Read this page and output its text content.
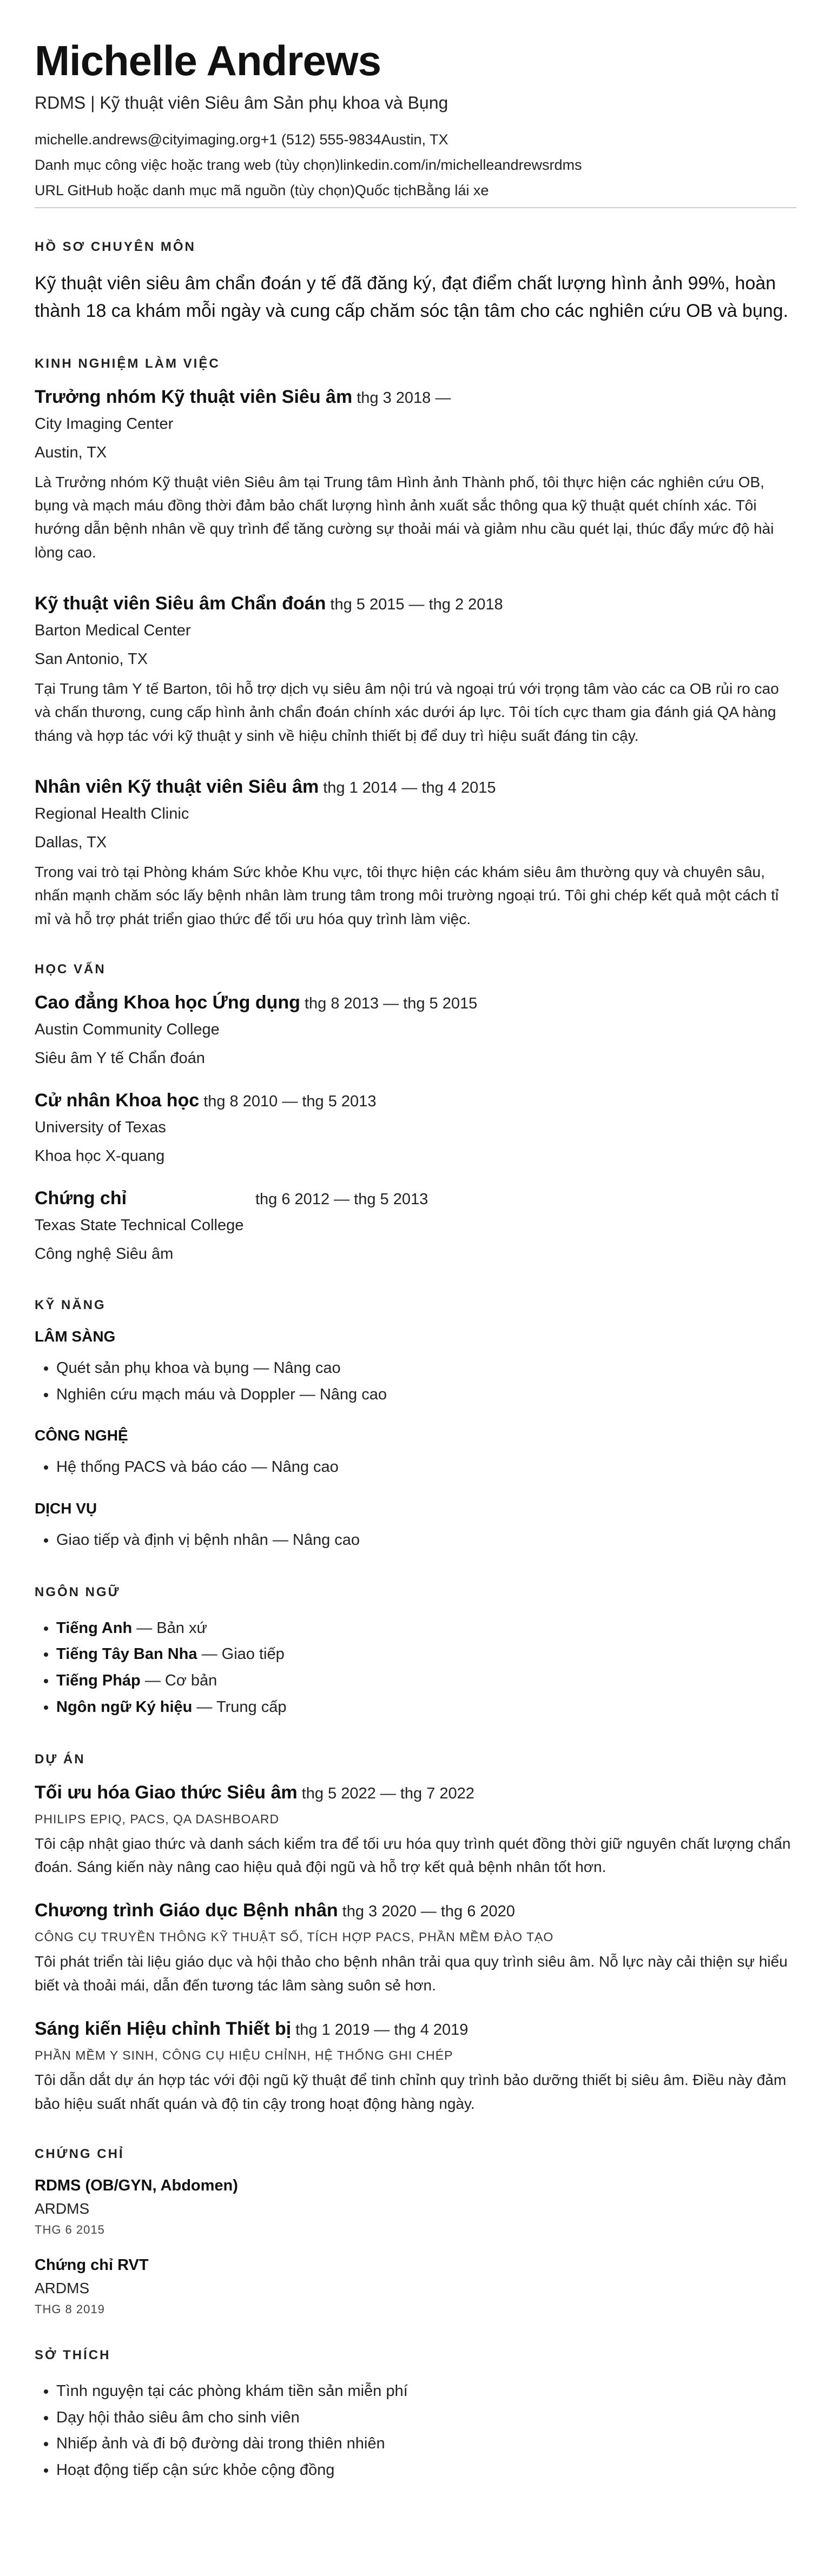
Michelle Andrews
RDMS | Kỹ thuật viên Siêu âm Sản phụ khoa và Bụng
michelle.andrews@cityimaging.org+1 (512) 555-9834Austin, TX
Danh mục công việc hoặc trang web (tùy chọn)linkedin.com/in/michelleandrewsrdms
URL GitHub hoặc danh mục mã nguồn (tùy chọn)Quốc tịchBằng lái xe
HỒ SƠ CHUYÊN MÔN

Kỹ thuật viên siêu âm chẩn đoán y tế đã đăng ký, đạt điểm chất lượng hình ảnh 99%, hoàn thành 18 ca khám mỗi ngày và cung cấp chăm sóc tận tâm cho các nghiên cứu OB và bụng.

KINH NGHIỆM LÀM VIỆC
Trưởng nhóm Kỹ thuật viên Siêu âm thg 3 2018 —
City Imaging Center
Austin, TX

Là Trưởng nhóm Kỹ thuật viên Siêu âm tại Trung tâm Hình ảnh Thành phố, tôi thực hiện các nghiên cứu OB, bụng và mạch máu đồng thời đảm bảo chất lượng hình ảnh xuất sắc thông qua kỹ thuật quét chính xác. Tôi hướng dẫn bệnh nhân về quy trình để tăng cường sự thoải mái và giảm nhu cầu quét lại, thúc đẩy mức độ hài lòng cao.

Kỹ thuật viên Siêu âm Chẩn đoán thg 5 2015 — thg 2 2018
Barton Medical Center
San Antonio, TX

Tại Trung tâm Y tế Barton, tôi hỗ trợ dịch vụ siêu âm nội trú và ngoại trú với trọng tâm vào các ca OB rủi ro cao và chấn thương, cung cấp hình ảnh chẩn đoán chính xác dưới áp lực. Tôi tích cực tham gia đánh giá QA hàng tháng và hợp tác với kỹ thuật y sinh về hiệu chỉnh thiết bị để duy trì hiệu suất đáng tin cậy.

Nhân viên Kỹ thuật viên Siêu âm thg 1 2014 — thg 4 2015
Regional Health Clinic
Dallas, TX

Trong vai trò tại Phòng khám Sức khỏe Khu vực, tôi thực hiện các khám siêu âm thường quy và chuyên sâu, nhấn mạnh chăm sóc lấy bệnh nhân làm trung tâm trong môi trường ngoại trú. Tôi ghi chép kết quả một cách tỉ mỉ và hỗ trợ phát triển giao thức để tối ưu hóa quy trình làm việc.

HỌC VẤN
Cao đẳng Khoa học Ứng dụng thg 8 2013 — thg 5 2015
Austin Community College
Siêu âm Y tế Chẩn đoán
Cử nhân Khoa học thg 8 2010 — thg 5 2013
University of Texas
Khoa học X-quang
Chứng chỉ	thg 6 2012 — thg 5 2013
Texas State Technical College
Công nghệ Siêu âm
KỸ NĂNG
LÂM SÀNG
• Quét sản phụ khoa và bụng — Nâng cao
• Nghiên cứu mạch máu và Doppler — Nâng cao
CÔNG NGHỆ
• Hệ thống PACS và báo cáo — Nâng cao
DỊCH VỤ
• Giao tiếp và định vị bệnh nhân — Nâng cao
NGÔN NGỮ
• Tiếng Anh — Bản xứ
• Tiếng Tây Ban Nha — Giao tiếp
• Tiếng Pháp — Cơ bản
• Ngôn ngữ Ký hiệu — Trung cấp
DỰ ÁN
Tối ưu hóa Giao thức Siêu âm thg 5 2022 — thg 7 2022
PHILIPS EPIQ, PACS, QA DASHBOARD

Tôi cập nhật giao thức và danh sách kiểm tra để tối ưu hóa quy trình quét đồng thời giữ nguyên chất lượng chẩn đoán. Sáng kiến này nâng cao hiệu quả đội ngũ và hỗ trợ kết quả bệnh nhân tốt hơn.

Chương trình Giáo dục Bệnh nhân thg 3 2020 — thg 6 2020
CÔNG CỤ TRUYỀN THÔNG KỸ THUẬT SỐ, TÍCH HỢP PACS, PHẦN MỀM ĐÀO TẠO

Tôi phát triển tài liệu giáo dục và hội thảo cho bệnh nhân trải qua quy trình siêu âm. Nỗ lực này cải thiện sự hiểu biết và thoải mái, dẫn đến tương tác lâm sàng suôn sẻ hơn.

Sáng kiến Hiệu chỉnh Thiết bị thg 1 2019 — thg 4 2019
PHẦN MỀM Y SINH, CÔNG CỤ HIỆU CHỈNH, HỆ THỐNG GHI CHÉP

Tôi dẫn dắt dự án hợp tác với đội ngũ kỹ thuật để tinh chỉnh quy trình bảo dưỡng thiết bị siêu âm. Điều này đảm bảo hiệu suất nhất quán và độ tin cậy trong hoạt động hàng ngày.

CHỨNG CHỈ
RDMS (OB/GYN, Abdomen)
ARDMS
THG 6 2015
Chứng chỉ RVT
ARDMS
THG 8 2019
SỞ THÍCH
• Tình nguyện tại các phòng khám tiền sản miễn phí
• Dạy hội thảo siêu âm cho sinh viên
• Nhiếp ảnh và đi bộ đường dài trong thiên nhiên
• Hoạt động tiếp cận sức khỏe cộng đồng
